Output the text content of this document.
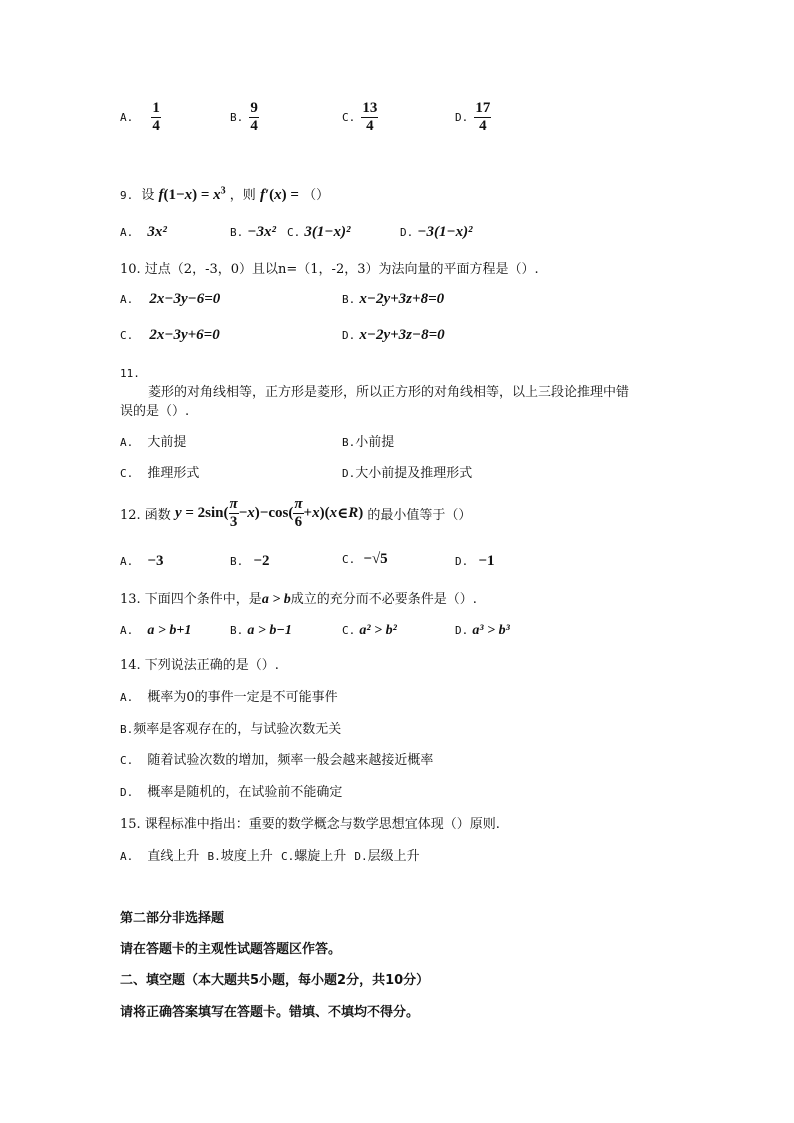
A. $\frac{1}{4}$	B. $\frac{9}{4}$	C. $\frac{13}{4}$	D. $\frac{17}{4}$
9. 设 $f(1-x) = x^3$ ，则 f′(x) = （）
A. 3x²	B. −3x² C. 3(1−x)²	D. −3(1−x)²
10. 过点（2，-3，0）且以n=（1，-2，3）为法向量的平面方程是（）.
A. 2x−3y−6=0	B. x−2y+3z+8=0
C. 2x−3y+6=0	D. x−2y+3z−8=0
11.
菱形的对角线相等，正方形是菱形，所以正方形的对角线相等，以上三段论推理中错
误的是（）.
A. 大前提	B.小前提
C. 推理形式	D.大小前提及推理形式
12. 函数 $y = 2\sin( \frac{\pi}{3} -x)-\cos( \frac{\pi}{6}$ +x)(x∈R) 的最小值等于（）
A. −3	B. −2	C. −√5	D. −1
13. 下面四个条件中，是a > b成立的充分而不必要条件是（）.
A. a > b+1	B. a > b−1	C. a² > b²	D. a³ > b³
14. 下列说法正确的是（）.
A. 概率为0的事件一定是不可能事件
B.频率是客观存在的，与试验次数无关
C. 随着试验次数的增加，频率一般会越来越接近概率
D. 概率是随机的，在试验前不能确定
15. 课程标准中指出：重要的数学概念与数学思想宜体现（）原则.
A. 直线上升 B.坡度上升 C.螺旋上升 D.层级上升
第二部分非选择题
请在答题卡的主观性试题答题区作答。
二、填空题（本大题共5小题，每小题2分，共10分）
请将正确答案填写在答题卡。错填、不填均不得分。
